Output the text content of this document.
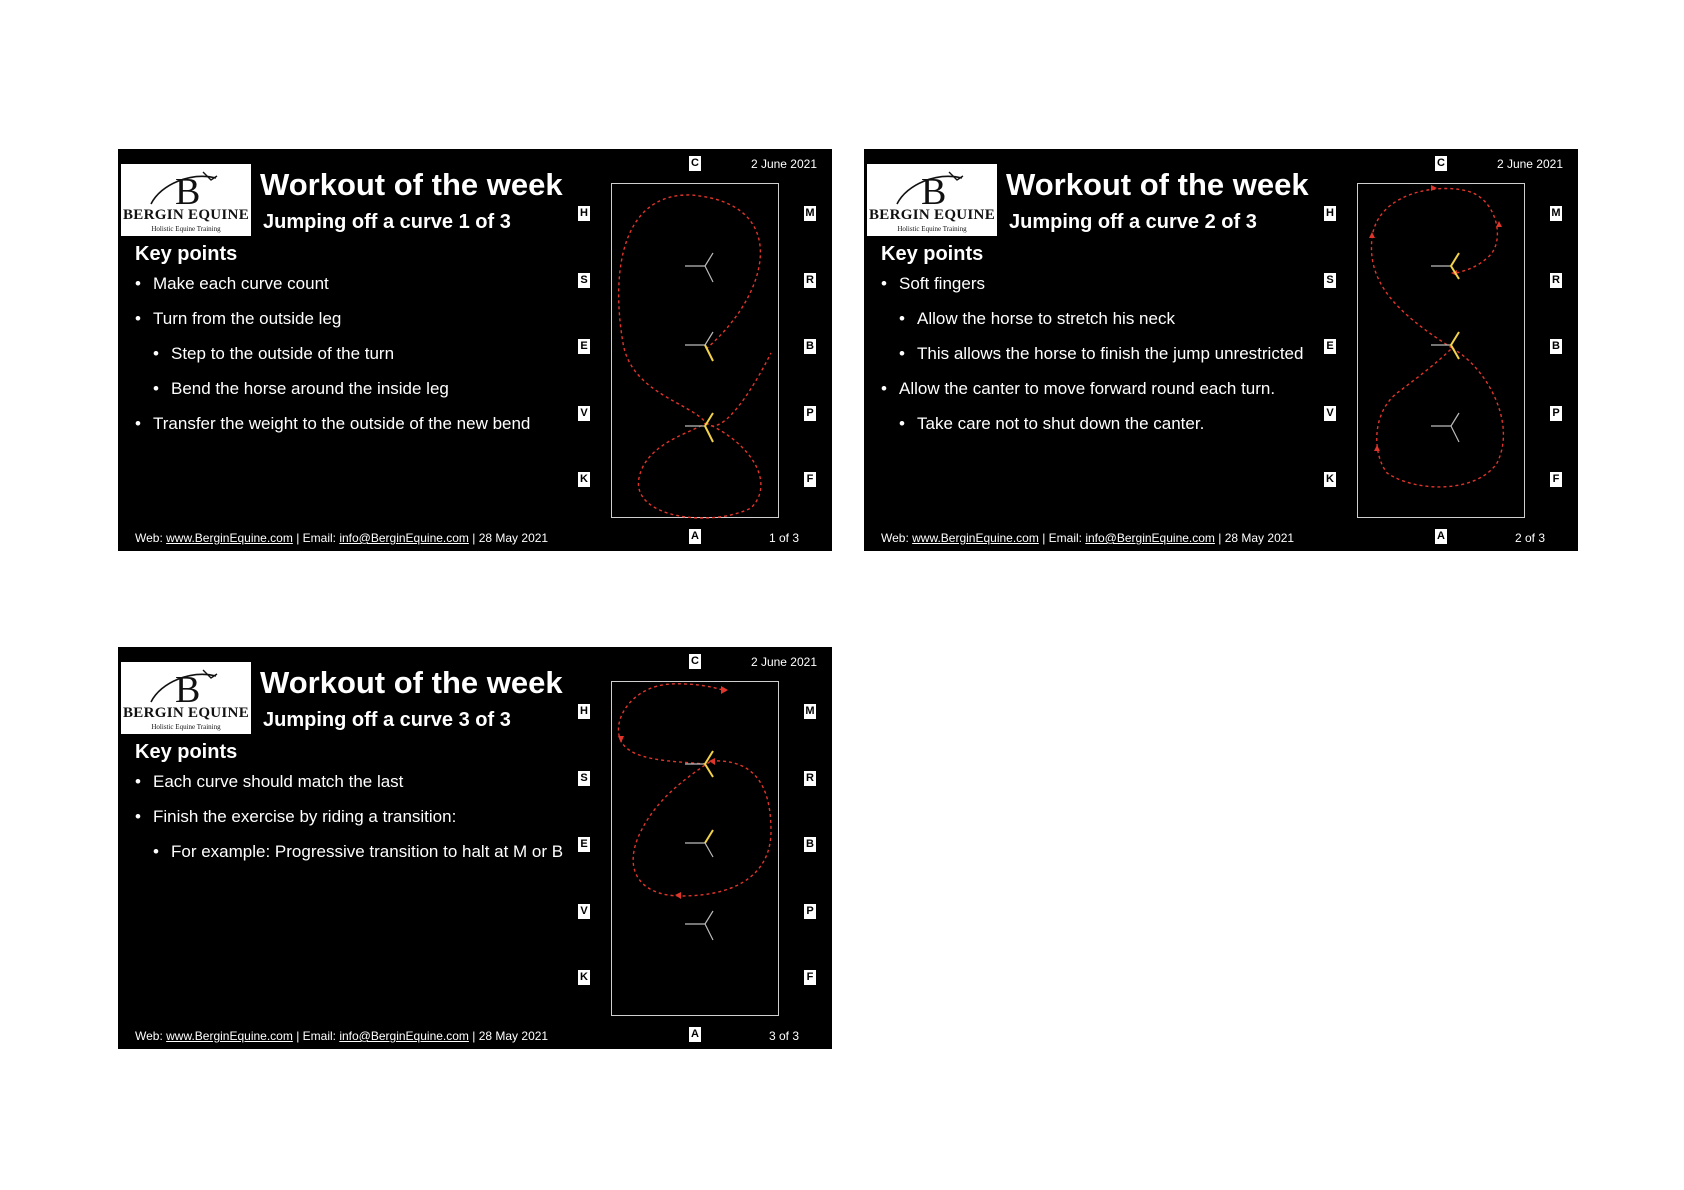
B
BERGIN EQUINE
Holistic Equine Training
Workout of the week
Jumping off a curve 1 of 3
Key points
• Make each curve count
• Turn from the outside leg
• Step to the outside of the turn
• Bend the horse around the inside leg
• Transfer the weight to the outside of the new bend
2 June 2021
C
A
H
S
E
V
K
M
R
B
P
F
Web: www.BerginEquine.com | Email: info@BerginEquine.com | 28 May 2021	1 of 3
B
BERGIN EQUINE
Holistic Equine Training
Workout of the week
Jumping off a curve 2 of 3
Key points
• Soft fingers
• Allow the horse to stretch his neck
• This allows the horse to finish the jump unrestricted
• Allow the canter to move forward round each turn.
• Take care not to shut down the canter.
2 June 2021
C
A
H
S
E
V
K
M
R
B
P
F
Web: www.BerginEquine.com | Email: info@BerginEquine.com | 28 May 2021	2 of 3
B
BERGIN EQUINE
Holistic Equine Training
Workout of the week
Jumping off a curve 3 of 3
Key points
• Each curve should match the last
• Finish the exercise by riding a transition:
• For example: Progressive transition to halt at M or B
2 June 2021
C
A
H
S
E
V
K
M
R
B
P
F
Web: www.BerginEquine.com | Email: info@BerginEquine.com | 28 May 2021	3 of 3
